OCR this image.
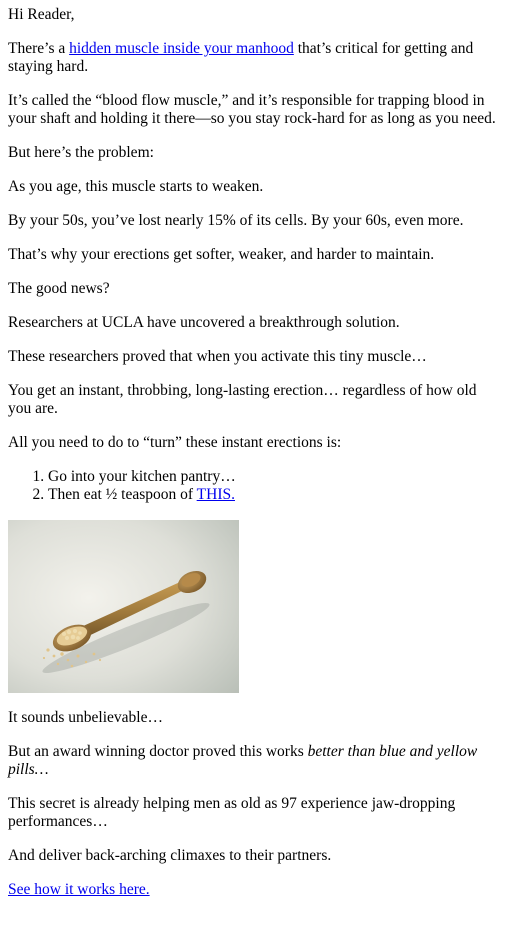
Hi Reader,

There’s a hidden muscle inside your manhood that’s critical for getting and staying hard.

It’s called the “blood flow muscle,” and it’s responsible for trapping blood in your shaft and holding it there—so you stay rock-hard for as long as you need.

But here’s the problem:

As you age, this muscle starts to weaken.

By your 50s, you’ve lost nearly 15% of its cells. By your 60s, even more.

That’s why your erections get softer, weaker, and harder to maintain.

The good news?

Researchers at UCLA have uncovered a breakthrough solution.

These researchers proved that when you activate this tiny muscle…

You get an instant, throbbing, long-lasting erection… regardless of how old you are.

All you need to do to “turn” these instant erections is:

1. Go into your kitchen pantry…
2. Then eat ½ teaspoon of THIS.

It sounds unbelievable…

But an award winning doctor proved this works better than blue and yellow pills…

This secret is already helping men as old as 97 experience jaw-dropping performances…

And deliver back-arching climaxes to their partners.

See how it works here.
